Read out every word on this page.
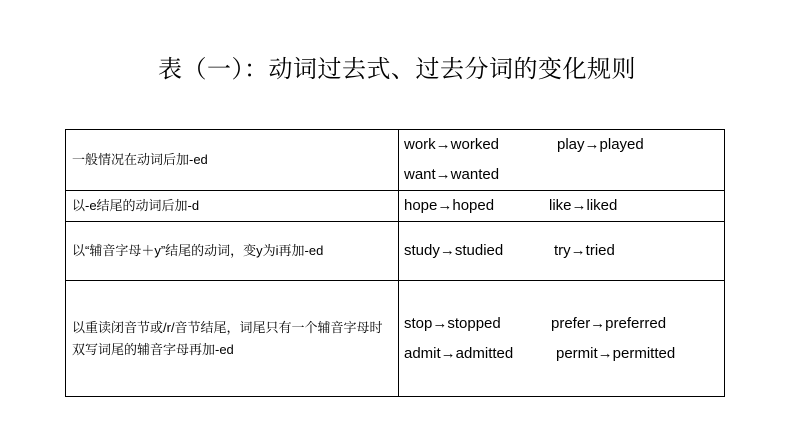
表（一）：动词过去式、过去分词的变化规则
一般情况在动词后加-ed	work→worked play→played
want→wanted

以-e结尾的动词后加-d	hope→hoped like→liked

以“辅音字母＋y”结尾的动词，变y为i再加-ed	study→studied try→tried

以重读闭音节或/r/音节结尾，词尾只有一个辅音字母时双写词尾的辅音字母再加-ed	stop→stopped prefer→preferred
admit→admitted permit→permitted
